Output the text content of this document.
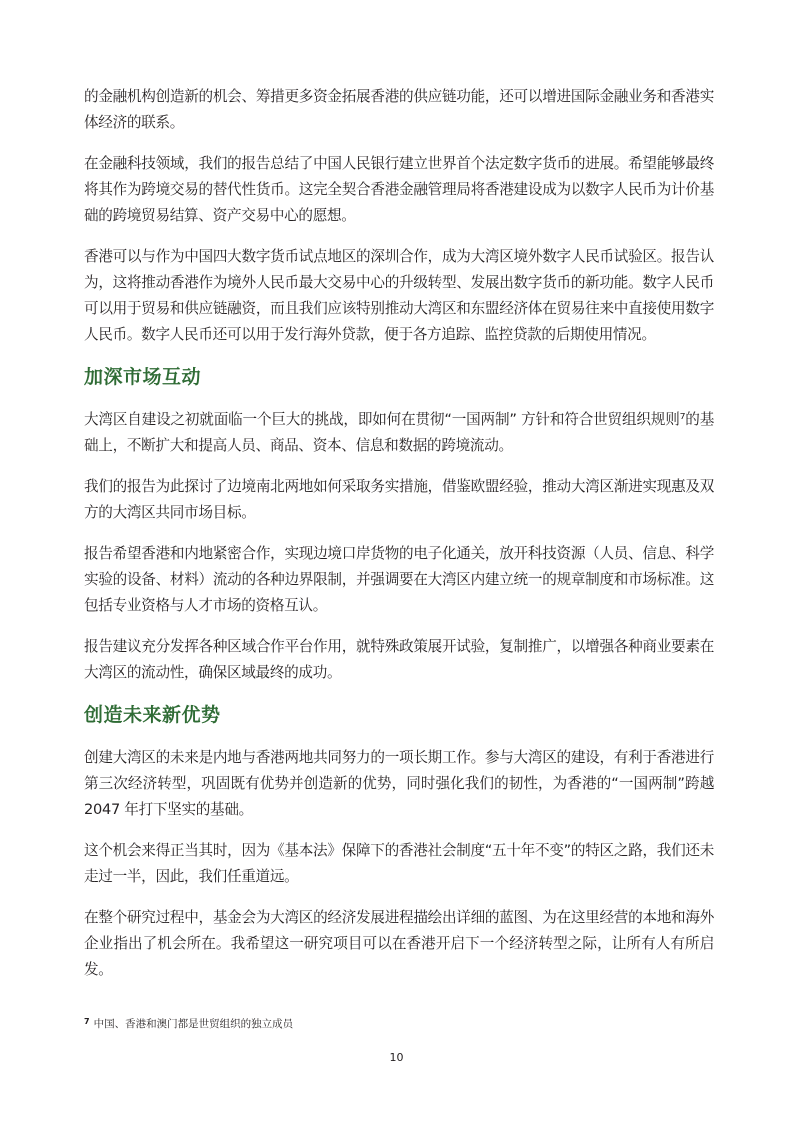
的金融机构创造新的机会、筹措更多资金拓展香港的供应链功能，还可以增进国际金融业务和香港实体经济的联系。

在金融科技领域，我们的报告总结了中国人民银行建立世界首个法定数字货币的进展。希望能够最终将其作为跨境交易的替代性货币。这完全契合香港金融管理局将香港建设成为以数字人民币为计价基础的跨境贸易结算、资产交易中心的愿想。

香港可以与作为中国四大数字货币试点地区的深圳合作，成为大湾区境外数字人民币试验区。报告认为，这将推动香港作为境外人民币最大交易中心的升级转型、发展出数字货币的新功能。数字人民币可以用于贸易和供应链融资，而且我们应该特别推动大湾区和东盟经济体在贸易往来中直接使用数字人民币。数字人民币还可以用于发行海外贷款，便于各方追踪、监控贷款的后期使用情况。

加深市场互动

大湾区自建设之初就面临一个巨大的挑战，即如何在贯彻“一国两制” 方针和符合世贸组织规则⁷的基础上，不断扩大和提高人员、商品、资本、信息和数据的跨境流动。

我们的报告为此探讨了边境南北两地如何采取务实措施，借鉴欧盟经验，推动大湾区渐进实现惠及双方的大湾区共同市场目标。

报告希望香港和内地紧密合作，实现边境口岸货物的电子化通关，放开科技资源（人员、信息、科学实验的设备、材料）流动的各种边界限制，并强调要在大湾区内建立统一的规章制度和市场标准。这包括专业资格与人才市场的资格互认。

报告建议充分发挥各种区域合作平台作用，就特殊政策展开试验，复制推广，以增强各种商业要素在大湾区的流动性，确保区域最终的成功。

创造未来新优势

创建大湾区的未来是内地与香港两地共同努力的一项长期工作。参与大湾区的建设，有利于香港进行第三次经济转型，巩固既有优势并创造新的优势，同时强化我们的韧性，为香港的“一国两制”跨越 2047 年打下坚实的基础。

这个机会来得正当其时，因为《基本法》保障下的香港社会制度“五十年不变”的特区之路，我们还未走过一半，因此，我们任重道远。

在整个研究过程中，基金会为大湾区的经济发展进程描绘出详细的蓝图、为在这里经营的本地和海外企业指出了机会所在。我希望这一研究项目可以在香港开启下一个经济转型之际，让所有人有所启发。

$^7$ 中国、香港和澳门都是世贸组织的独立成员
10
